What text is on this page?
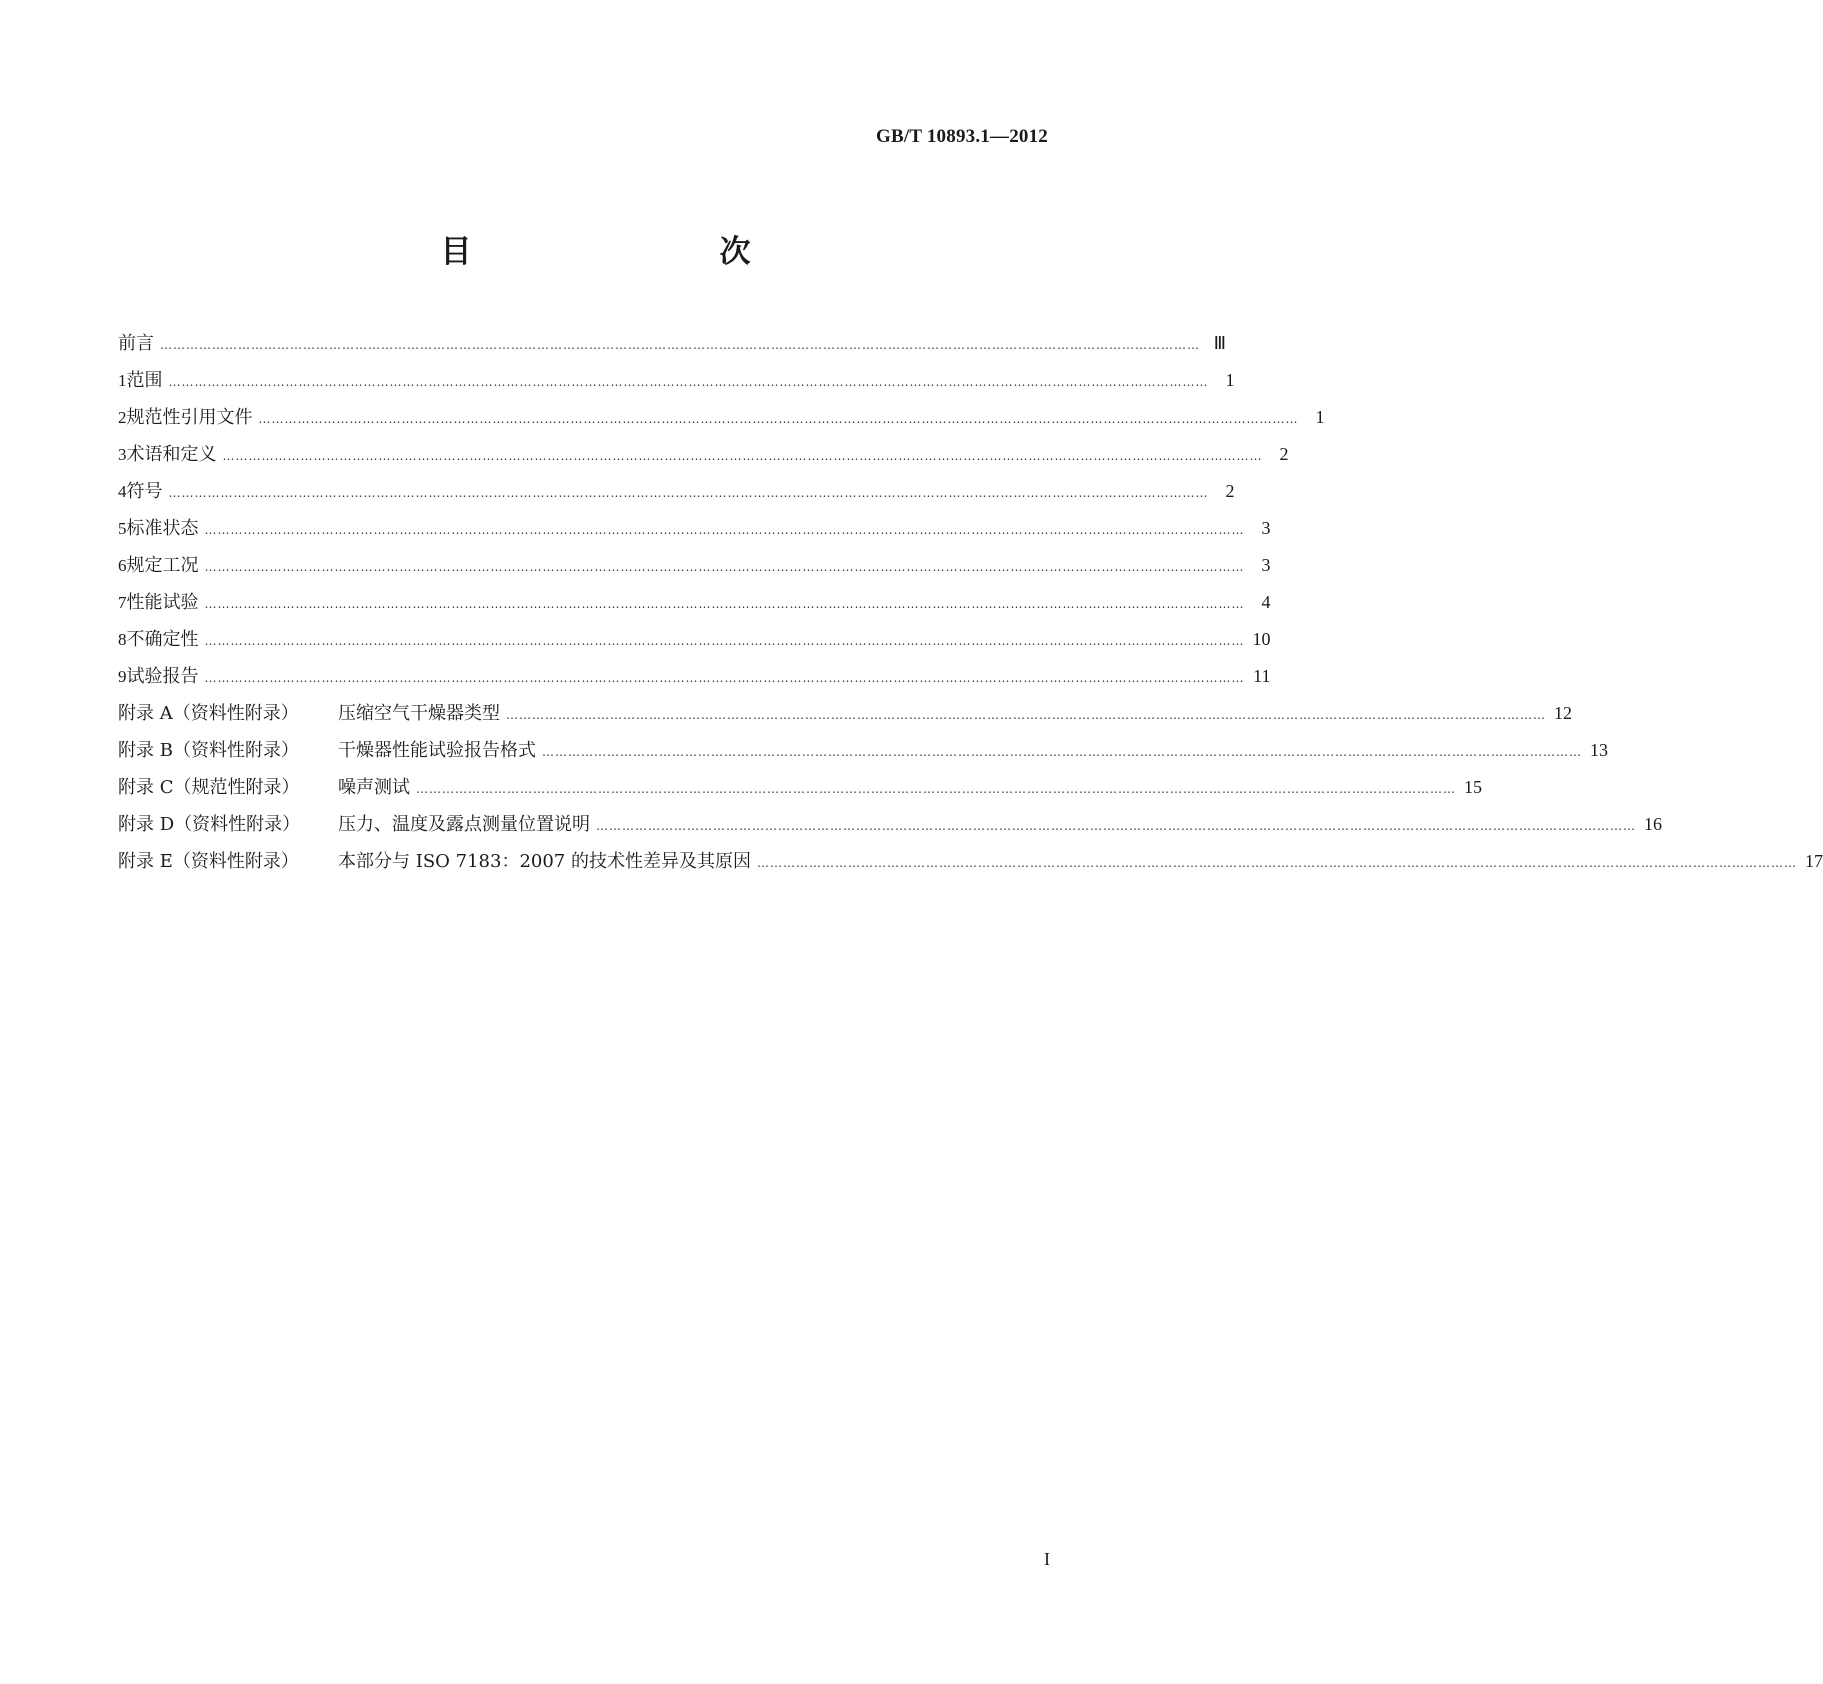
GB/T 10893.1—2012
目　　次
前言 …………………………………………………………………………………………………………………………………………………………………………………………………………………… Ⅲ
1 范围 …………………………………………………………………………………………………………………………………………………………………………………………………………………… 1
2 规范性引用文件 …………………………………………………………………………………………………………………………………………………………………………………………………………………… 1
3 术语和定义 …………………………………………………………………………………………………………………………………………………………………………………………………………………… 2
4 符号 …………………………………………………………………………………………………………………………………………………………………………………………………………………… 2
5 标准状态 …………………………………………………………………………………………………………………………………………………………………………………………………………………… 3
6 规定工况 …………………………………………………………………………………………………………………………………………………………………………………………………………………… 3
7 性能试验 …………………………………………………………………………………………………………………………………………………………………………………………………………………… 4
8 不确定性 …………………………………………………………………………………………………………………………………………………………………………………………………………………… 10
9 试验报告 …………………………………………………………………………………………………………………………………………………………………………………………………………………… 11
附录 A（资料性附录）	压缩空气干燥器类型 …………………………………………………………………………………………………………………………………………………………………………………………………………………… 12
附录 B（资料性附录）	干燥器性能试验报告格式 …………………………………………………………………………………………………………………………………………………………………………………………………………………… 13
附录 C（规范性附录）	噪声测试 …………………………………………………………………………………………………………………………………………………………………………………………………………………… 15
附录 D（资料性附录）	压力、温度及露点测量位置说明 …………………………………………………………………………………………………………………………………………………………………………………………………………………… 16
附录 E（资料性附录）	本部分与 ISO 7183：2007 的技术性差异及其原因 …………………………………………………………………………………………………………………………………………………………………………………………………………………… 17
I
